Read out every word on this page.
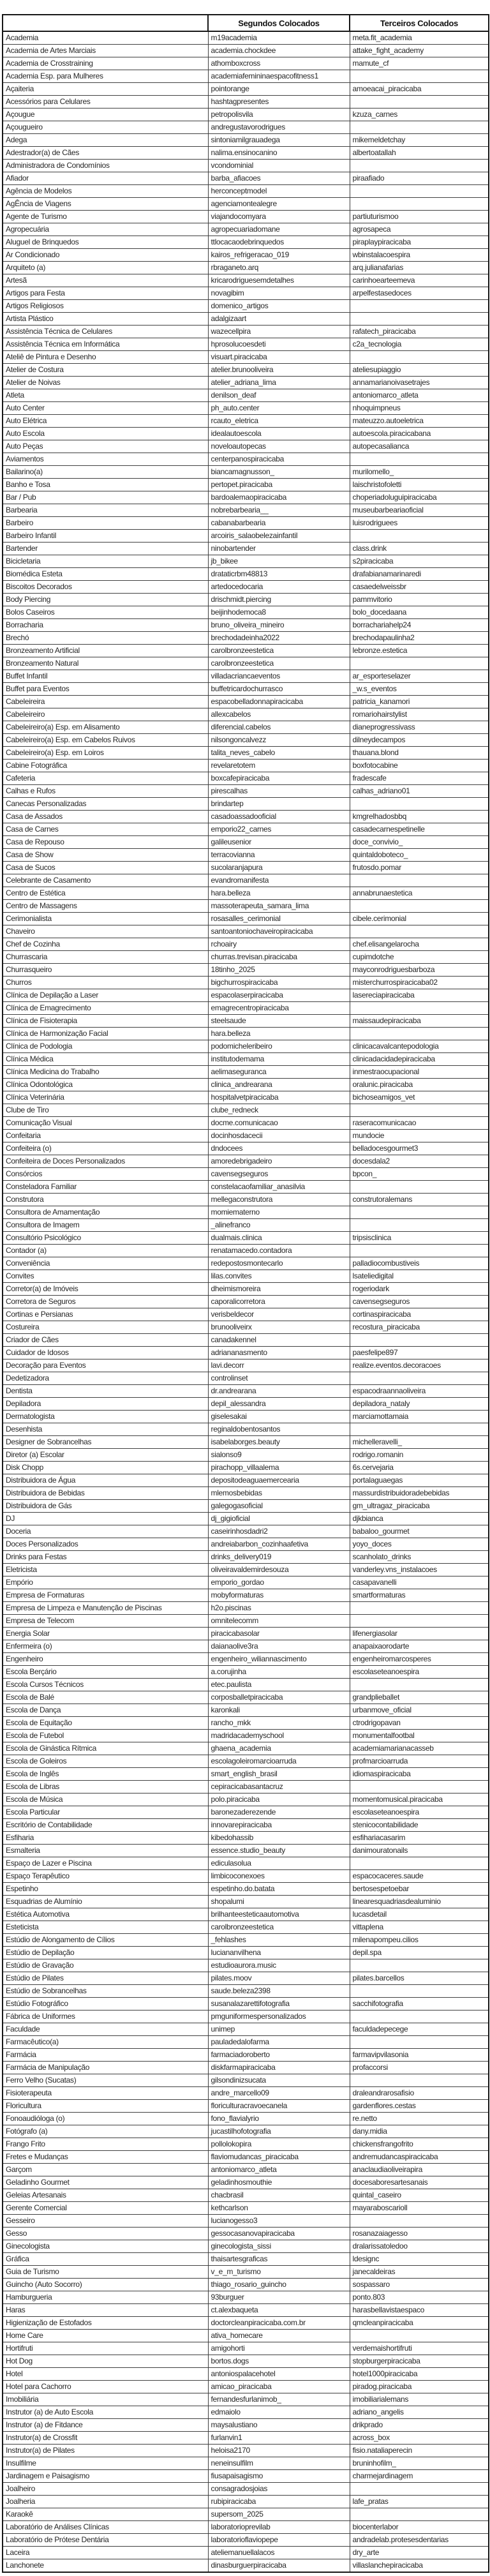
	Segundos Colocados	Terceiros Colocados
Academia	m19academia	meta.fit_academia
Academia de Artes Marciais	academia.chockdee	attake_fight_academy
Academia de Crosstraining	athomboxcross	mamute_cf
Academia Esp. para Mulheres	academiafemininaespacofitness1	
Açaiteria	pointorange	amoeacai_piracicaba
Acessórios para Celulares	hashtagpresentes	
Açougue	petropolisvila	kzuza_carnes
Açougueiro	andregustavorodrigues	
Adega	sintoniamilgrauadega	mikemeldetchay
Adestrador(a) de Cães	nalima.ensinocanino	albertoatallah
Administradora de Condomínios	vcondominial	
Afiador	barba_afiacoes	piraafiado
Agência de Modelos	herconceptmodel	
AgÊncia de Viagens	agenciamontealegre	
Agente de Turismo	viajandocomyara	partiuturismoo
Agropecuária	agropecuariadomane	agrosapeca
Aluguel de Brinquedos	ttlocacaodebrinquedos	piraplaypiracicaba
Ar Condicionado	kairos_refrigeracao_019	wbinstalacoespira
Arquiteto (a)	rbraganeto.arq	arq.julianafarias
Artesã	kricarodriguesemdetalhes	carinhoearteemeva
Artigos para Festa	novagibim	arpelfestasedoces
Artigos Religiosos	domenico_artigos	
Artista Plástico	adalgizaart	
Assistência Técnica de Celulares	wazecellpira	rafatech_piracicaba
Assistência Técnica em Informática	hprosolucoesdeti	c2a_tecnologia
Ateliê de Pintura e Desenho	visuart.piracicaba	
Atelier de Costura	atelier.brunooliveira	ateliesupiaggio
Atelier de Noivas	atelier_adriana_lima	annamarianoivasetrajes
Atleta	denilson_deaf	antoniomarco_atleta
Auto Center	ph_auto.center	nhoquimpneus
Auto Elétrica	rcauto_eletrica	mateuzzo.autoeletrica
Auto Escola	idealautoescola	autoescola.piracicabana
Auto Peças	noveloautopecas	autopecasalianca
Aviamentos	centerpanospiracicaba	
Bailarino(a)	biancamagnusson_	murilomello_
Banho e Tosa	pertopet.piracicaba	laischristofoletti
Bar / Pub	bardoalemaopiracicaba	choperiadoluguipiracicaba
Barbearia	nobrebarbearia__	museubarbeariaoficial
Barbeiro	cabanabarbearia	luisrodriguees
Barbeiro Infantil	arcoiris_salaobelezainfantil	
Bartender	ninobartender	class.drink
Bicicletaria	jb_bikee	s2piracicaba
Biomédica Esteta	drataticrbm48813	drafabianamarinaredi
Biscoitos Decorados	artedocedocaria	casaedelweissbr
Body Piercing	drischmidt.piercing	pammvitorio
Bolos Caseiros	beijinhodemoca8	bolo_docedaana
Borracharia	bruno_oliveira_mineiro	borrachariahelp24
Brechó	brechodadeinha2022	brechodapaulinha2
Bronzeamento Artificial	carolbronzeestetica	lebronze.estetica
Bronzeamento Natural	carolbronzeestetica	
Buffet Infantil	villadacriancaeventos	ar_esporteselazer
Buffet para Eventos	buffetricardochurrasco	_w.s_eventos
Cabeleireira	espacobelladonnapiracicaba	patricia_kanamori
Cabeleireiro	allexcabelos	romariohairstylist
Cabeleireiro(a) Esp. em Alisamento	diferencial.cabelos	dianeprogressivass
Cabeleireiro(a) Esp. em Cabelos Ruivos	nilsongoncalvezz	dilneydecampos
Cabeleireiro(a) Esp. em Loiros	talita_neves_cabelo	thauana.blond
Cabine Fotográfica	revelaretotem	boxfotocabine
Cafeteria	boxcafepiracicaba	fradescafe
Calhas e Rufos	pirescalhas	calhas_adriano01
Canecas Personalizadas	brindartep	
Casa de Assados	casadoassadooficial	kmgrelhadosbbq
Casa de Carnes	emporio22_carnes	casadecarnespetinelle
Casa de Repouso	galileusenior	doce_convivio_
Casa de Show	terracovianna	quintaldoboteco_
Casa de Sucos	sucolaranjapura	frutosdo.pomar
Celebrante de Casamento	evandromanifesta	
Centro de Estética	hara.belleza	annabrunaestetica
Centro de Massagens	massoterapeuta_samara_lima	
Cerimonialista	rosasalles_cerimonial	cibele.cerimonial
Chaveiro	santoantoniochaveiropiracicaba	
Chef de Cozinha	rchoairy	chef.elisangelarocha
Churrascaria	churras.trevisan.piracicaba	cupimdotche
Churrasqueiro	18tinho_2025	mayconrodriguesbarboza
Churros	bigchurrospiracicaba	misterchurrospiracicaba02
Clínica de Depilação a Laser	espacolaserpiracicaba	lasereciapiracicaba
Clínica de Emagrecimento	emagrecentropiracicaba	
Clínica de Fisioterapia	steelsaude	maissaudepiracicaba
Clínica de Harmonização Facial	hara.belleza	
Clínica de Podologia	podomicheleribeiro	clinicacavalcantepodologia
Clínica Médica	institutodemama	clinicadacidadepiracicaba
Clínica Medicina do Trabalho	aelimaseguranca	inmestraocupacional
Clínica Odontológica	clinica_andrearana	oralunic.piracicaba
Clínica Veterinária	hospitalvetpiracicaba	bichoseamigos_vet
Clube de Tiro	clube_redneck	
Comunicação Visual	docme.comunicacao	raseracomunicacao
Confeitaria	docinhosdacecii	mundocie
Confeiteira (o)	dndocees	belladocesgourmet3
Confeiteira de Doces Personalizados	amoredebrigadeiro	docesdala2
Consórcios	cavensegseguros	bpcon_
Consteladora Familiar	constelacaofamiliar_anasilvia	
Construtora	mellegaconstrutora	construtoralemans
Consultora de Amamentação	momiematerno	
Consultora de Imagem	_alinefranco	
Consultório Psicológico	dualmais.clinica	tripsisclinica
Contador (a)	renatamacedo.contadora	
Conveniência	redepostosmontecarlo	palladiocombustiveis
Convites	lilas.convites	lsateliedigital
Corretor(a) de Imóveis	dheimismoreira	rogeriodark
Corretora de Seguros	caporalicorretora	cavensegseguros
Cortinas e Persianas	verisbeldecor	cortinaspiracicaba
Costureira	brunooliveirx	recostura_piracicaba
Criador de Cães	canadakennel	
Cuidador de Idosos	adriananasmento	paesfelipe897
Decoração para Eventos	lavi.decorr	realize.eventos.decoracoes
Dedetizadora	controlinset	
Dentista	dr.andrearana	espacodraannaoliveira
Depiladora	depil_alessandra	depiladora_nataly
Dermatologista	giselesakai	marciamottamaia
Desenhista	reginaldobentosantos	
Designer de Sobrancelhas	isabelaborges.beauty	michelleravelli_
Diretor (a) Escolar	sialonso9	rodrigo.romanin
Disk Chopp	pirachopp_villaalema	6s.cervejaria
Distribuidora de Água	depositodeaguaemercearia	portalaguaegas
Distribuidora de Bebidas	mlemosbebidas	massurdistribuidoradebebidas
Distribuidora de Gás	galegogasoficial	gm_ultragaz_piracicaba
DJ	dj_gigioficial	djkbianca
Doceria	caseirinhosdadri2	babaloo_gourmet
Doces Personalizados	andreiabarbon_cozinhaafetiva	yoyo_doces
Drinks para Festas	drinks_delivery019	scanholato_drinks
Eletricista	oliveiravaldemirdesouza	vanderley.vns_instalacoes
Empório	emporio_gordao	casapavanelli
Empresa de Formaturas	mobyformaturas	smartformaturas
Empresa de Limpeza e Manutenção de Piscinas	h2o.piscinas	
Empresa de Telecom	omnitelecomm	
Energia Solar	piracicabasolar	lifenergiasolar
Enfermeira (o)	daianaolive3ra	anapaixaorodarte
Engenheiro	engenheiro_wiliannascimento	engenheiromarcosperes
Escola Berçário	a.corujinha	escolaseteanoespira
Escola Cursos Técnicos	etec.paulista	
Escola de Balé	corposballetpiracicaba	grandplieballet
Escola de Dança	karonkali	urbanmove_oficial
Escola de Equitação	rancho_mkk	ctrodrigopavan
Escola de Futebol	madridacademyschool	monumentalfootbal
Escola de Ginástica Rítmica	ghaena_academia	academiamarianacasseb
Escola de Goleiros	escolagoleiromarcioarruda	profmarcioarruda
Escola de Inglês	smart_english_brasil	idiomaspiracicaba
Escola de Libras	cepiracicabasantacruz	
Escola de Música	polo.piracicaba	momentomusical.piracicaba
Escola Particular	baronezaderezende	escolaseteanoespira
Escritório de Contabilidade	innovarepiracicaba	stenicocontabilidade
Esfiharia	kibedohassib	esfihariacasarim
Esmalteria	essence.studio_beauty	danimouratonails
Espaço de Lazer e Piscina	ediculasolua	
Espaço Terapêutico	limbicoconexoes	espacocaceres.saude
Espetinho	espetinho.do.batata	bertosespetoebar
Esquadrias de Alumínio	shopalumi	linearesquadriasdealuminio
Estética Automotiva	brilhanteesteticaautomotiva	lucasdetail
Esteticista	carolbronzeestetica	vittaplena
Estúdio de Alongamento de Cílios	_fehlashes	milenapompeu.cilios
Estúdio de Depilação	luciananvilhena	depil.spa
Estúdio de Gravação	estudioaurora.music	
Estúdio de Pilates	pilates.moov	pilates.barcellos
Estúdio de Sobrancelhas	saude.beleza2398	
Estúdio Fotográfico	susanalazarettifotografia	sacchifotografia
Fábrica de Uniformes	pmguniformespersonalizados	
Faculdade	unimep	faculdadepecege
Farmacêutico(a)	pauladedalofarma	
Farmácia	farmaciadoroberto	farmavipvilasonia
Farmácia de Manipulação	diskfarmapiracicaba	profaccorsi
Ferro Velho (Sucatas)	gilsondinizsucata	
Fisioterapeuta	andre_marcello09	draleandrarosafisio
Floricultura	floriculturacravoecanela	gardenflores.cestas
Fonoaudióloga (o)	fono_flavialyrio	re.netto
Fotógrafo (a)	jucastilhofotografia	dany.midia
Frango Frito	pollolokopira	chickensfrangofrito
Fretes e Mudanças	flaviomudancas_piracicaba	andremudancaspiracicaba
Garçom	antoniomarco_atleta	anaclaudiaoliveirapira
Geladinho Gourmet	geladinhosmouthie	docesaboresartesanais
Geleias Artesanais	chacbrasil	quintal_caseiro
Gerente Comercial	kethcarlson	mayaraboscarioll
Gesseiro	lucianogesso3	
Gesso	gessocasanovapiracicaba	rosanazaiagesso
Ginecologista	ginecologista_sissi	dralarissatoledoo
Gráfica	thaisartesgraficas	ldesignc
Guia de Turismo	v_e_m_turismo	janecaldeiras
Guincho (Auto Socorro)	thiago_rosario_guincho	sospassaro
Hamburgueria	93burguer	ponto.803
Haras	ct.alexbaqueta	harasbellavistaespaco
Higienização de Estofados	doctorcleanpiracicaba.com.br	qmcleanpiracicaba
Home Care	ativa_homecare	
Hortifruti	amigohorti	verdemaishortifruti
Hot Dog	bortos.dogs	stopburgerpiracicaba
Hotel	antoniospalacehotel	hotel1000piracicaba
Hotel para Cachorro	amicao_piracicaba	piradog.piracicaba
Imobiliária	fernandesfurlanimob_	imobiliarialemans
Instrutor (a) de Auto Escola	edmaiolo	adriano_angelis
Instrutor (a) de Fitdance	maysalustiano	drikprado
Instrutor(a) de Crossfit	furlanvin1	across_box
Instrutor(a) de Pilates	heloisa2170	fisio.nataliaperecin
Insulfilme	neneinsulfilm	bruninhofilm_
Jardinagem e Paisagismo	fiusapaisagismo	charmejardinagem
Joalheiro	consagradosjoias	
Joalheria	rubipiracicaba	lafe_pratas
Karaokê	supersom_2025	
Laboratório de Análises Clínicas	laboratorioprevilab	biocenterlabor
Laboratório de Prótese Dentária	laboratorioflaviopepe	andradelab.protesesdentarias
Laceira	ateliemanuellalacos	dry_arte
Lanchonete	dinasburguerpiracicaba	villaslanchepiracicaba
